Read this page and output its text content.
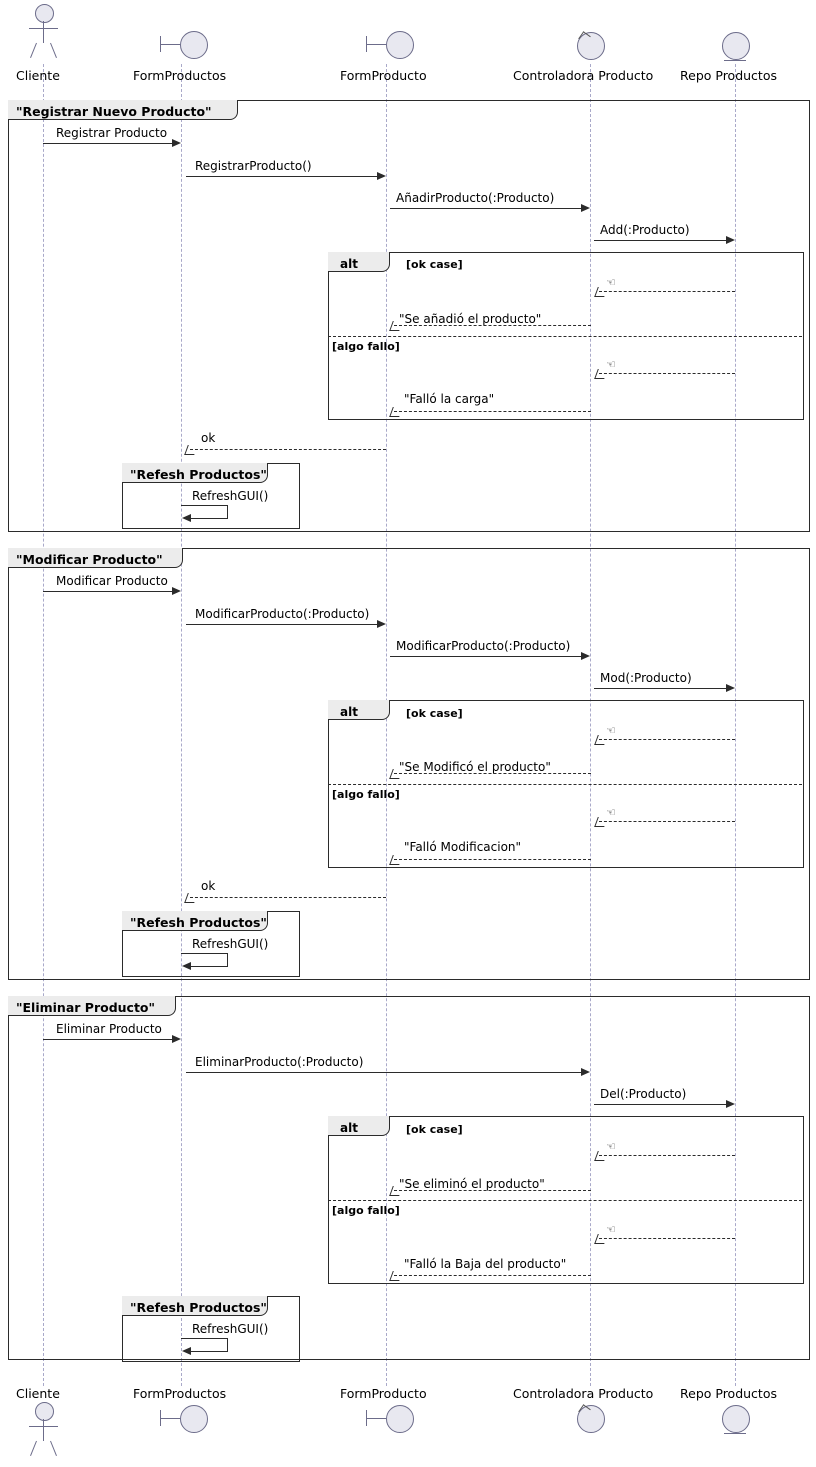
Cliente	FormProductos	FormProducto	Controladora Producto Repo Productos
"Registrar Nuevo Producto"
Registrar Producto
RegistrarProducto()
AñadirProducto(:Producto)
Add(:Producto)
alt	[ok case]
☜
"Se añadió el producto"
[algo fallo]
☜
"Falló la carga"
ok
"Refesh Productos"
RefreshGUI()
"Modificar Producto"
Modificar Producto
ModificarProducto(:Producto)
ModificarProducto(:Producto)
Mod(:Producto)
alt	[ok case]
☜
"Se Modificó el producto"
[algo fallo]
☜
"Falló Modificacion"
ok
"Refesh Productos"
RefreshGUI()
"Eliminar Producto"
Eliminar Producto
EliminarProducto(:Producto)
Del(:Producto)
alt	[ok case]
☜
"Se eliminó el producto"
[algo fallo]
☜
"Falló la Baja del producto"
"Refesh Productos"
RefreshGUI()
Cliente	FormProductos	FormProducto	Controladora Producto Repo Productos
